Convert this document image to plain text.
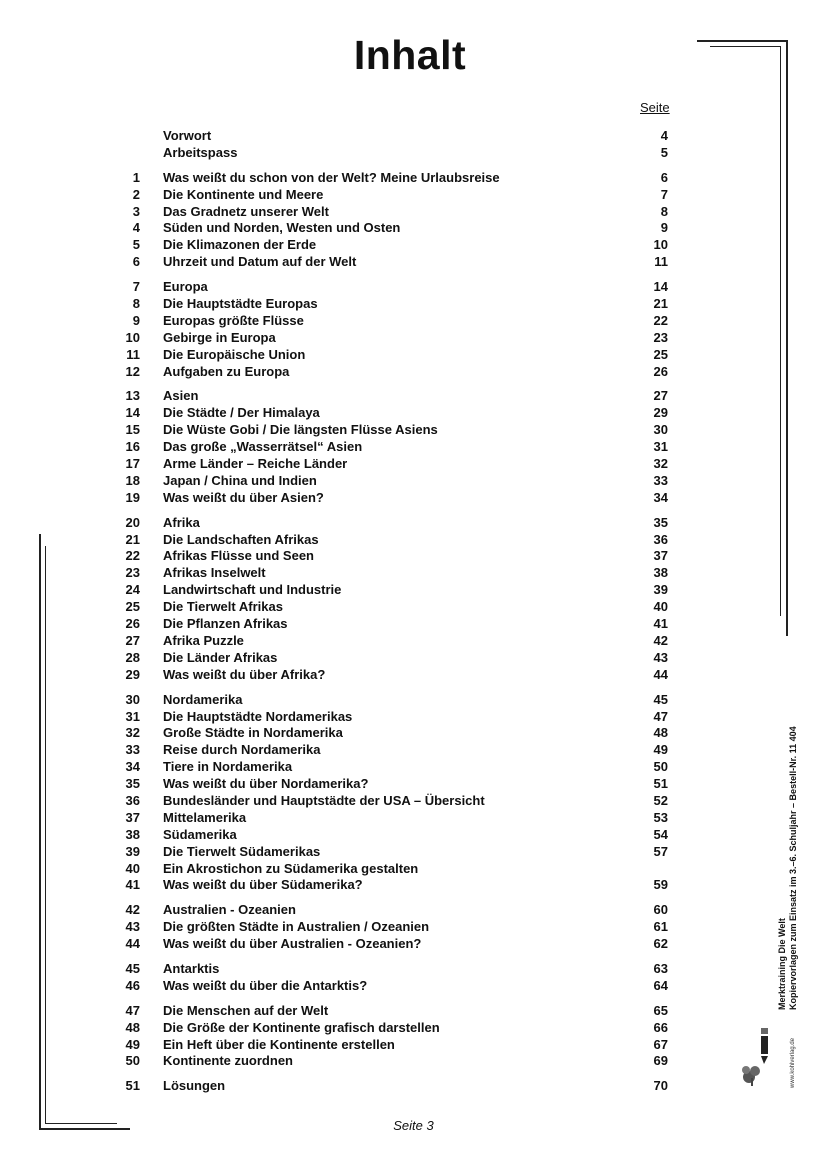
Inhalt
Seite
Vorwort	4
Arbeitspass	5
1 Was weißt du schon von der Welt? Meine Urlaubsreise	6
2 Die Kontinente und Meere	7
3 Das Gradnetz unserer Welt	8
4 Süden und Norden, Westen und Osten	9
5 Die Klimazonen der Erde	10
6 Uhrzeit und Datum auf der Welt	11
7 Europa	14
8 Die Hauptstädte Europas	21
9 Europas größte Flüsse	22
10 Gebirge in Europa	23
11 Die Europäische Union	25
12 Aufgaben zu Europa	26
13 Asien	27
14 Die Städte / Der Himalaya	29
15 Die Wüste Gobi / Die längsten Flüsse Asiens	30
16 Das große „Wasserrätsel“ Asien	31
17 Arme Länder – Reiche Länder	32
18 Japan / China und Indien	33
19 Was weißt du über Asien?	34
20 Afrika	35
21 Die Landschaften Afrikas	36
22 Afrikas Flüsse und Seen	37
23 Afrikas Inselwelt	38
24 Landwirtschaft und Industrie	39
25 Die Tierwelt Afrikas	40
26 Die Pflanzen Afrikas	41
27 Afrika Puzzle	42
28 Die Länder Afrikas	43
29 Was weißt du über Afrika?	44
30 Nordamerika	45
31 Die Hauptstädte Nordamerikas	47
32 Große Städte in Nordamerika	48
33 Reise durch Nordamerika	49
34 Tiere in Nordamerika	50
35 Was weißt du über Nordamerika?	51
36 Bundesländer und Hauptstädte der USA – Übersicht	52
37 Mittelamerika	53
38 Südamerika	54
39 Die Tierwelt Südamerikas	57
40 Ein Akrostichon zu Südamerika gestalten
41 Was weißt du über Südamerika?	59
42 Australien - Ozeanien	60
43 Die größten Städte in Australien / Ozeanien	61
44 Was weißt du über Australien - Ozeanien?	62
45 Antarktis	63
46 Was weißt du über die Antarktis?	64
47 Die Menschen auf der Welt	65
48 Die Größe der Kontinente grafisch darstellen	66
49 Ein Heft über die Kontinente erstellen	67
50 Kontinente zuordnen	69
51 Lösungen	70
Seite 3
Merktraining Die Welt Kopiervorlagen zum Einsatz im 3.–6. Schuljahr – Bestell-Nr. 11 404
www.kohlverlag.de
